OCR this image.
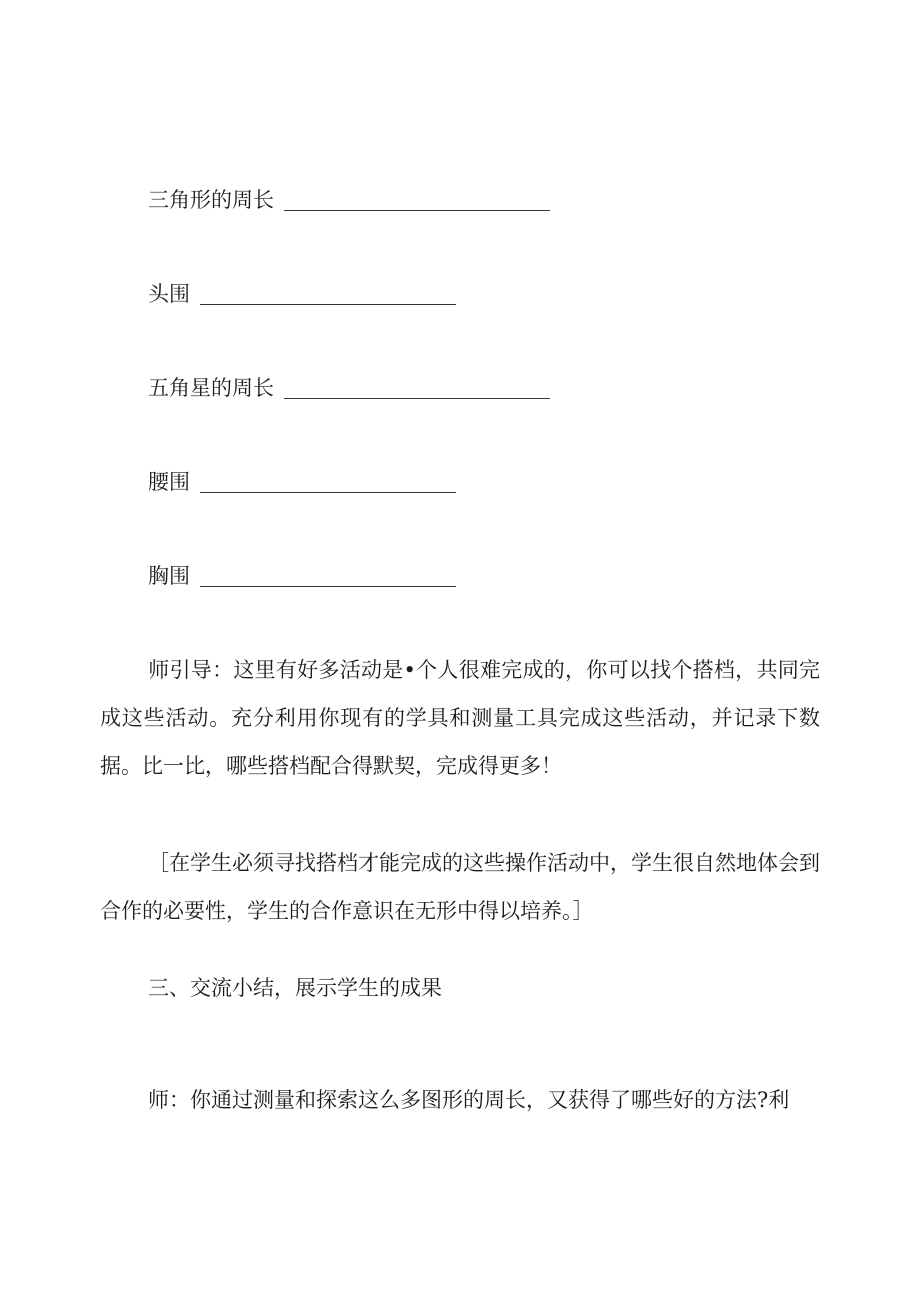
三角形的周长
头围
五角星的周长
腰围
胸围

师引导：这里有好多活动是•个人很难完成的，你可以找个搭档，共同完成这些活动。充分利用你现有的学具和测量工具完成这些活动，并记录下数据。比一比，哪些搭档配合得默契，完成得更多！

［在学生必须寻找搭档才能完成的这些操作活动中，学生很自然地体会到合作的必要性，学生的合作意识在无形中得以培养。］

三、交流小结，展示学生的成果

师：你通过测量和探索这么多图形的周长，又获得了哪些好的方法?利
